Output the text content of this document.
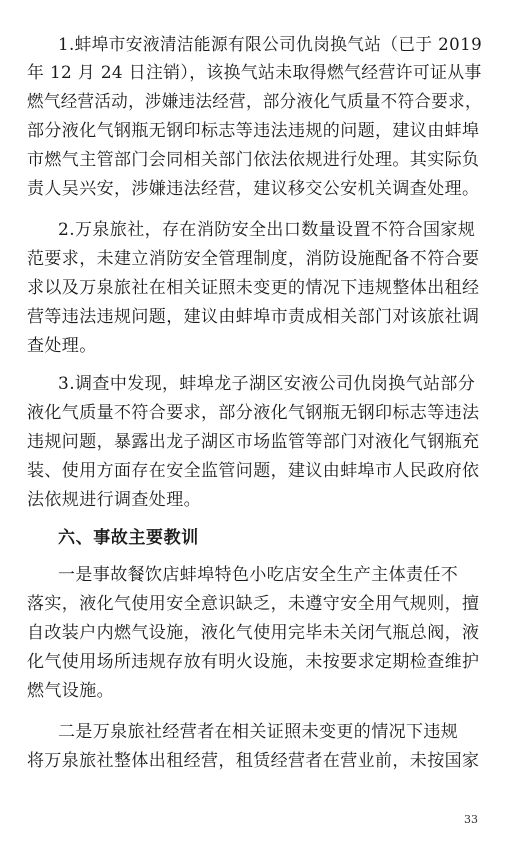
1.蚌埠市安液清洁能源有限公司仇岗换气站（已于 2019
年 12 月 24 日注销），该换气站未取得燃气经营许可证从事
燃气经营活动，涉嫌违法经营，部分液化气质量不符合要求，
部分液化气钢瓶无钢印标志等违法违规的问题，建议由蚌埠
市燃气主管部门会同相关部门依法依规进行处理。其实际负
责人吴兴安，涉嫌违法经营，建议移交公安机关调查处理。
2.万泉旅社，存在消防安全出口数量设置不符合国家规
范要求，未建立消防安全管理制度，消防设施配备不符合要
求以及万泉旅社在相关证照未变更的情况下违规整体出租经
营等违法违规问题，建议由蚌埠市责成相关部门对该旅社调
查处理。
3.调查中发现，蚌埠龙子湖区安液公司仇岗换气站部分
液化气质量不符合要求，部分液化气钢瓶无钢印标志等违法
违规问题，暴露出龙子湖区市场监管等部门对液化气钢瓶充
装、使用方面存在安全监管问题，建议由蚌埠市人民政府依
法依规进行调查处理。
六、事故主要教训
一是事故餐饮店蚌埠特色小吃店安全生产主体责任不
落实，液化气使用安全意识缺乏，未遵守安全用气规则，擅
自改装户内燃气设施，液化气使用完毕未关闭气瓶总阀，液
化气使用场所违规存放有明火设施，未按要求定期检查维护
燃气设施。
二是万泉旅社经营者在相关证照未变更的情况下违规
将万泉旅社整体出租经营，租赁经营者在营业前，未按国家
33
